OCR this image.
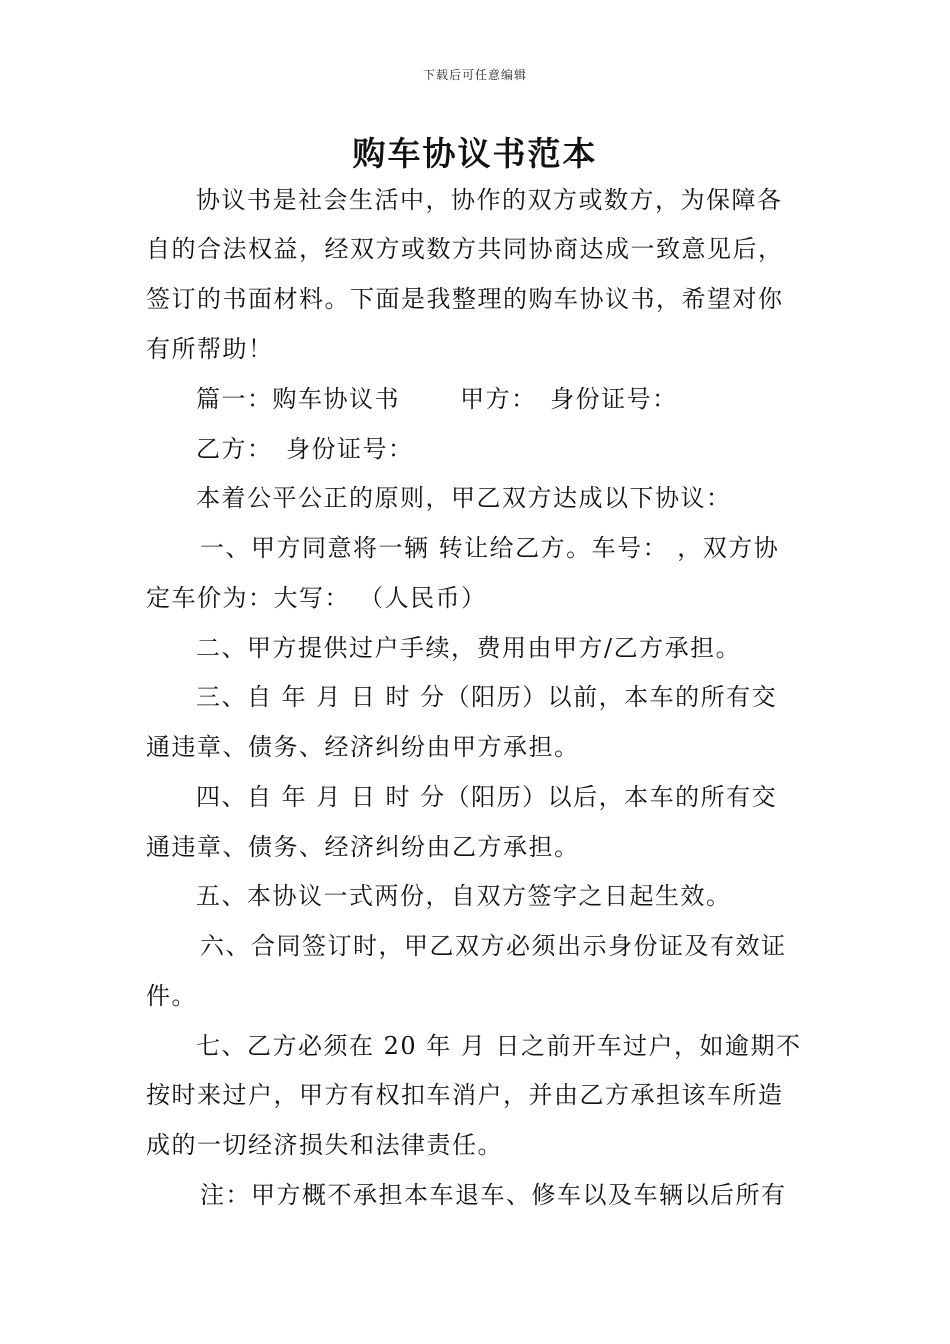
下载后可任意编辑
购车协议书范本
协议书是社会生活中，协作的双方或数方，为保障各
自的合法权益，经双方或数方共同协商达成一致意见后，
签订的书面材料。下面是我整理的购车协议书，希望对你
有所帮助！
篇一：购车协议书　　 甲方：　身份证号：
乙方：　身份证号：
本着公平公正的原则，甲乙双方达成以下协议：
一、甲方同意将一辆 转让给乙方。车号： ，双方协
定车价为：大写： （人民币）
二、甲方提供过户手续，费用由甲方/乙方承担。
三、自 年 月 日 时 分（阳历）以前，本车的所有交
通违章、债务、经济纠纷由甲方承担。
四、自 年 月 日 时 分（阳历）以后，本车的所有交
通违章、债务、经济纠纷由乙方承担。
五、本协议一式两份，自双方签字之日起生效。
六、合同签订时，甲乙双方必须出示身份证及有效证
件。
七、乙方必须在 20 年 月 日之前开车过户，如逾期不
按时来过户，甲方有权扣车消户，并由乙方承担该车所造
成的一切经济损失和法律责任。
注：甲方概不承担本车退车、修车以及车辆以后所有
